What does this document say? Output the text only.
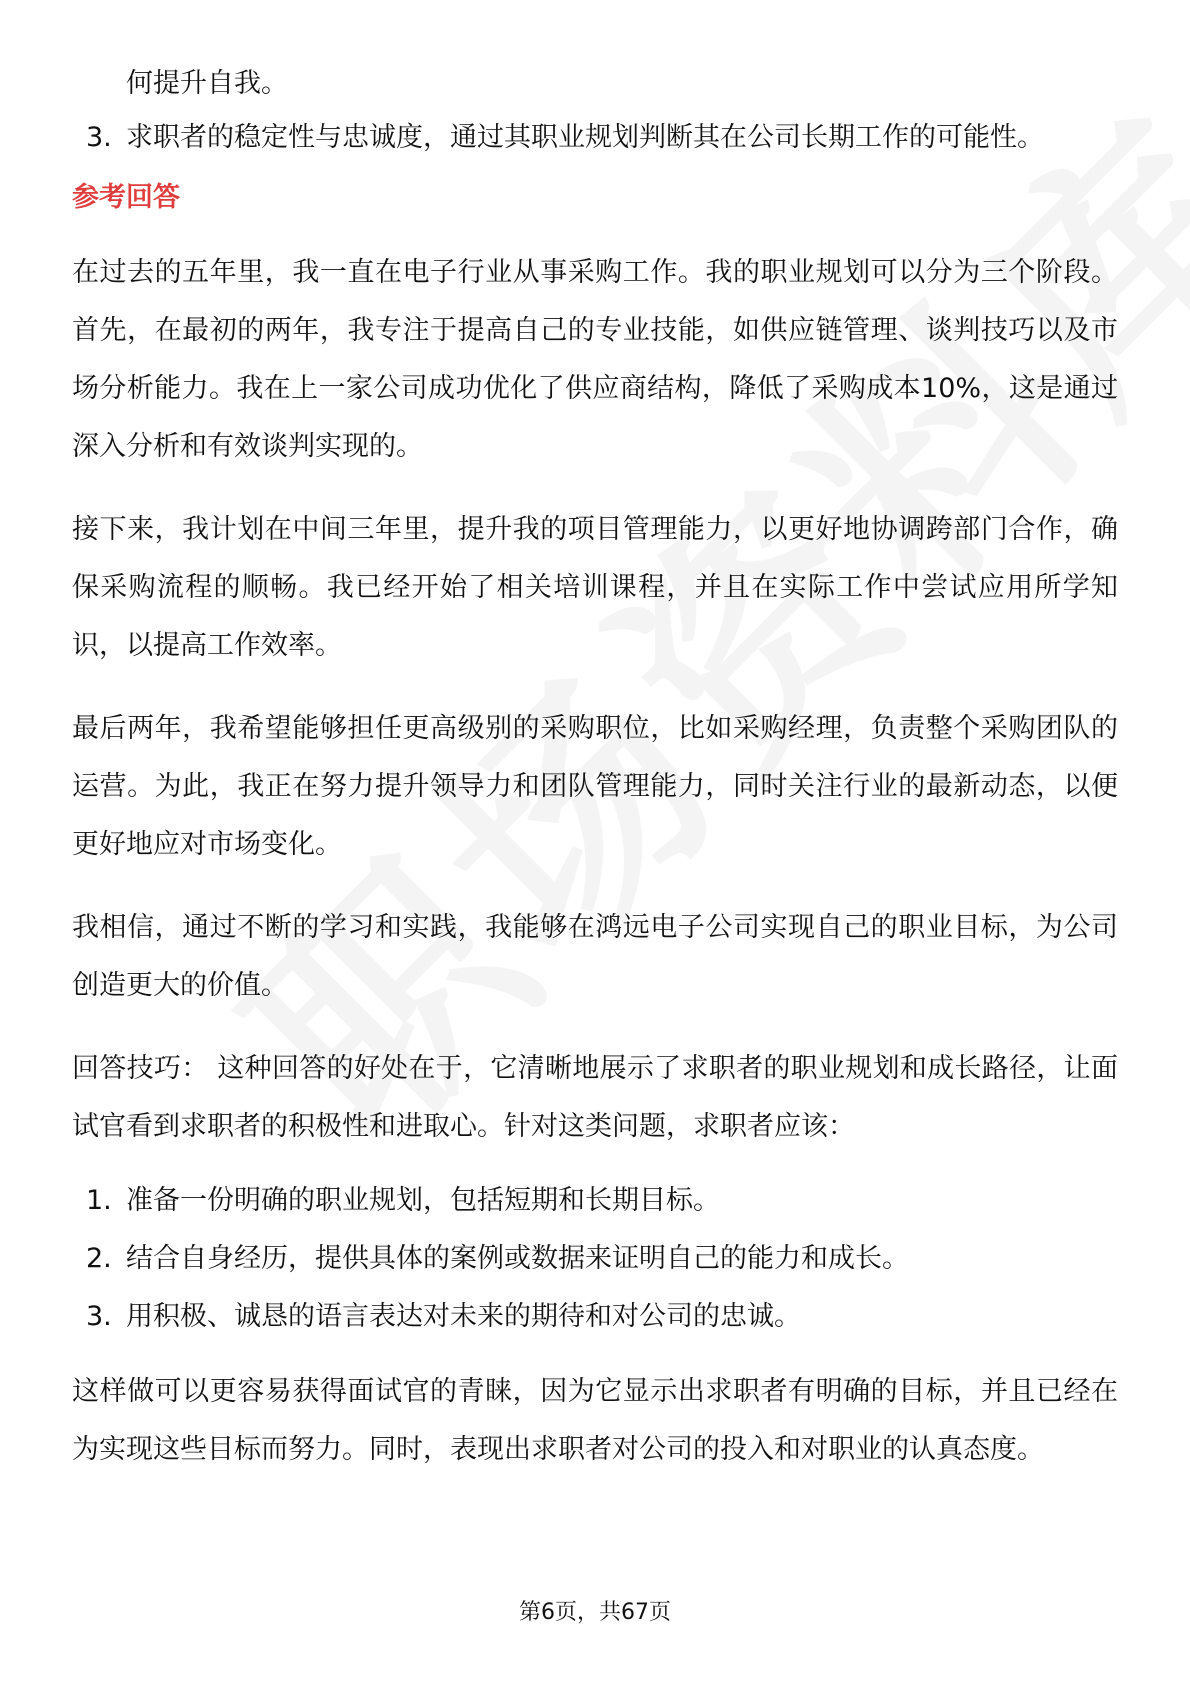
何提升自我。

3. 求职者的稳定性与忠诚度，通过其职业规划判断其在公司长期工作的可能性。
参考回答

在过去的五年里，我一直在电子行业从事采购工作。我的职业规划可以分为三个阶段。首先，在最初的两年，我专注于提高自己的专业技能，如供应链管理、谈判技巧以及市场分析能力。我在上一家公司成功优化了供应商结构，降低了采购成本10%，这是通过深入分析和有效谈判实现的。

接下来，我计划在中间三年里，提升我的项目管理能力，以更好地协调跨部门合作，确保采购流程的顺畅。我已经开始了相关培训课程，并且在实际工作中尝试应用所学知识，以提高工作效率。

最后两年，我希望能够担任更高级别的采购职位，比如采购经理，负责整个采购团队的运营。为此，我正在努力提升领导力和团队管理能力，同时关注行业的最新动态，以便更好地应对市场变化。

我相信，通过不断的学习和实践，我能够在鸿远电子公司实现自己的职业目标，为公司创造更大的价值。

回答技巧： 这种回答的好处在于，它清晰地展示了求职者的职业规划和成长路径，让面试官看到求职者的积极性和进取心。针对这类问题，求职者应该：

1. 准备一份明确的职业规划，包括短期和长期目标。
2. 结合自身经历，提供具体的案例或数据来证明自己的能力和成长。
3. 用积极、诚恳的语言表达对未来的期待和对公司的忠诚。

这样做可以更容易获得面试官的青睐，因为它显示出求职者有明确的目标，并且已经在为实现这些目标而努力。同时，表现出求职者对公司的投入和对职业的认真态度。

第6页，共67页
